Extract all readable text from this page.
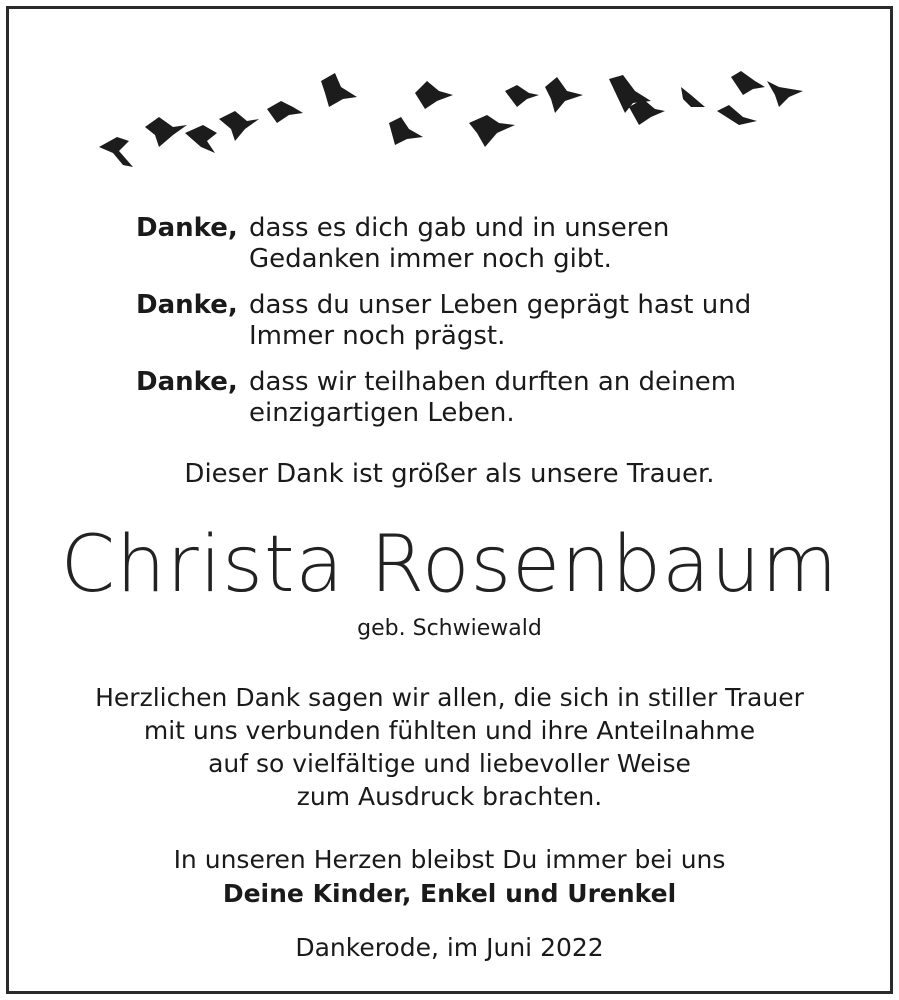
Danke, dass es dich gab und in unseren
Gedanken immer noch gibt.
Danke, dass du unser Leben geprägt hast und
Immer noch prägst.
Danke, dass wir teilhaben durften an deinem
einzigartigen Leben.
Dieser Dank ist größer als unsere Trauer.
Christa Rosenbaum
geb. Schwiewald
Herzlichen Dank sagen wir allen, die sich in stiller Trauer
mit uns verbunden fühlten und ihre Anteilnahme
auf so vielfältige und liebevoller Weise
zum Ausdruck brachten.
In unseren Herzen bleibst Du immer bei uns
Deine Kinder, Enkel und Urenkel
Dankerode, im Juni 2022
